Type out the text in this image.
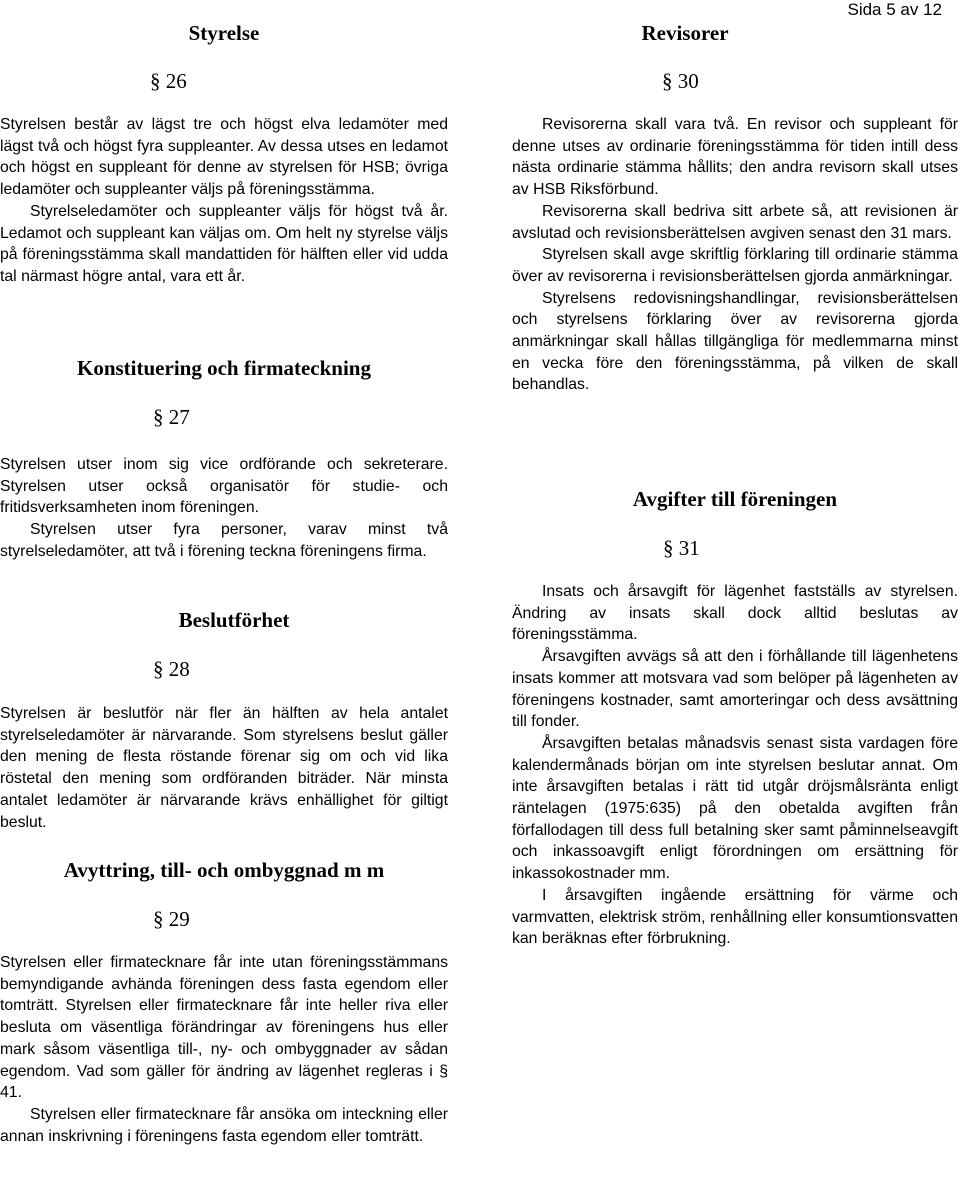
Sida 5 av 12
Styrelse
§ 26

Styrelsen består av lägst tre och högst elva ledamöter med lägst två och högst fyra suppleanter. Av dessa utses en ledamot och högst en suppleant för denne av styrelsen för HSB; övriga ledamöter och suppleanter väljs på föreningsstämma.

Styrelseledamöter och suppleanter väljs för högst två år. Ledamot och suppleant kan väljas om. Om helt ny styrelse väljs på föreningsstämma skall mandattiden för hälften eller vid udda tal närmast högre antal, vara ett år.

Konstituering och firmateckning
§ 27

Styrelsen utser inom sig vice ordförande och sekreterare. Styrelsen utser också organisatör för studie- och fritidsverksamheten inom föreningen.

Styrelsen utser fyra personer, varav minst två styrelseledamöter, att två i förening teckna föreningens firma.

Beslutförhet
§ 28

Styrelsen är beslutför när fler än hälften av hela antalet styrelseledamöter är närvarande. Som styrelsens beslut gäller den mening de flesta röstande förenar sig om och vid lika röstetal den mening som ordföranden biträder. När minsta antalet ledamöter är närvarande krävs enhällighet för giltigt beslut.

Avyttring, till- och ombyggnad m m
§ 29

Styrelsen eller firmatecknare får inte utan föreningsstämmans bemyndigande avhända föreningen dess fasta egendom eller tomträtt. Styrelsen eller firmatecknare får inte heller riva eller besluta om väsentliga förändringar av föreningens hus eller mark såsom väsentliga till-, ny- och ombyggnader av sådan egendom. Vad som gäller för ändring av lägenhet regleras i § 41.

Styrelsen eller firmatecknare får ansöka om inteckning eller annan inskrivning i föreningens fasta egendom eller tomträtt.

Revisorer
§ 30

Revisorerna skall vara två. En revisor och suppleant för denne utses av ordinarie föreningsstämma för tiden intill dess nästa ordinarie stämma hållits; den andra revisorn skall utses av HSB Riksförbund.

Revisorerna skall bedriva sitt arbete så, att revisionen är avslutad och revisionsberättelsen avgiven senast den 31 mars.

Styrelsen skall avge skriftlig förklaring till ordinarie stämma över av revisorerna i revisionsberättelsen gjorda anmärkningar.

Styrelsens redovisningshandlingar, revisionsberättelsen och styrelsens förklaring över av revisorerna gjorda anmärkningar skall hållas tillgängliga för medlemmarna minst en vecka före den föreningsstämma, på vilken de skall behandlas.

Avgifter till föreningen
§ 31

Insats och årsavgift för lägenhet fastställs av styrelsen. Ändring av insats skall dock alltid beslutas av föreningsstämma.

Årsavgiften avvägs så att den i förhållande till lägenhetens insats kommer att motsvara vad som belöper på lägenheten av föreningens kostnader, samt amorteringar och dess avsättning till fonder.

Årsavgiften betalas månadsvis senast sista vardagen före kalendermånads början om inte styrelsen beslutar annat. Om inte årsavgiften betalas i rätt tid utgår dröjsmålsränta enligt räntelagen (1975:635) på den obetalda avgiften från förfallodagen till dess full betalning sker samt påminnelseavgift och inkassoavgift enligt förordningen om ersättning för inkassokostnader mm.

I årsavgiften ingående ersättning för värme och varmvatten, elektrisk ström, renhållning eller konsumtionsvatten kan beräknas efter förbrukning.
